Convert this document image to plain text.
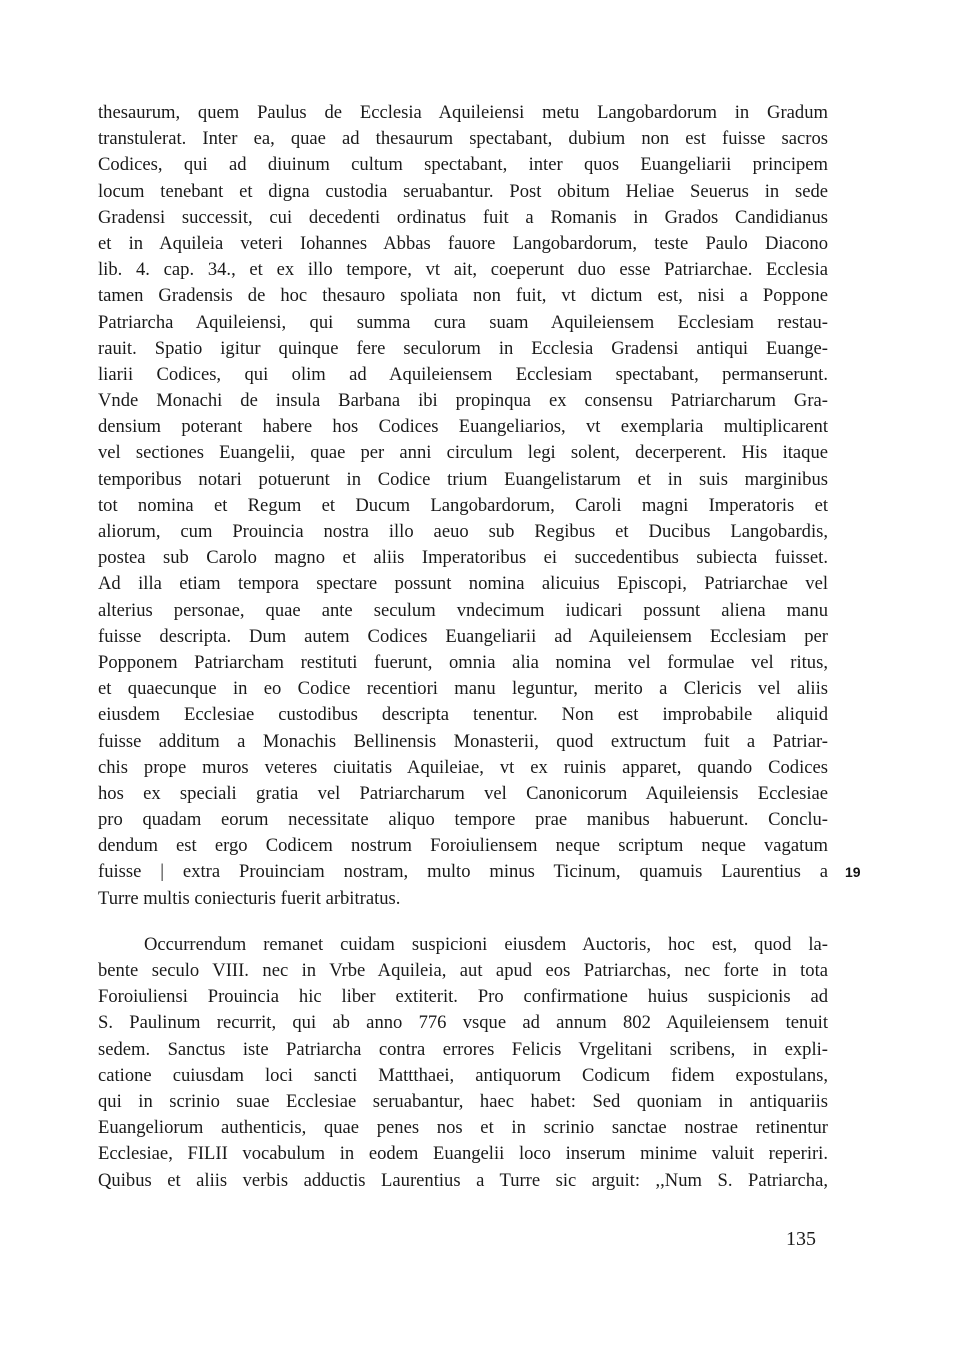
thesaurum, quem Paulus de Ecclesia Aquileiensi metu Langobardorum in Gradum
transtulerat. Inter ea, quae ad thesaurum spectabant, dubium non est fuisse sacros
Codices, qui ad diuinum cultum spectabant, inter quos Euangeliarii principem
locum tenebant et digna custodia seruabantur. Post obitum Heliae Seuerus in sede
Gradensi successit, cui decedenti ordinatus fuit a Romanis in Grados Candidianus
et in Aquileia veteri Iohannes Abbas fauore Langobardorum, teste Paulo Diacono
lib. 4. cap. 34., et ex illo tempore, vt ait, coeperunt duo esse Patriarchae. Ecclesia
tamen Gradensis de hoc thesauro spoliata non fuit, vt dictum est, nisi a Poppone
Patriarcha Aquileiensi, qui summa cura suam Aquileiensem Ecclesiam restau-
rauit. Spatio igitur quinque fere seculorum in Ecclesia Gradensi antiqui Euange-
liarii Codices, qui olim ad Aquileiensem Ecclesiam spectabant, permanserunt.
Vnde Monachi de insula Barbana ibi propinqua ex consensu Patriarcharum Gra-
densium poterant habere hos Codices Euangeliarios, vt exemplaria multiplicarent
vel sectiones Euangelii, quae per anni circulum legi solent, decerperent. His itaque
temporibus notari potuerunt in Codice trium Euangelistarum et in suis marginibus
tot nomina et Regum et Ducum Langobardorum, Caroli magni Imperatoris et
aliorum, cum Prouincia nostra illo aeuo sub Regibus et Ducibus Langobardis,
postea sub Carolo magno et aliis Imperatoribus ei succedentibus subiecta fuisset.
Ad illa etiam tempora spectare possunt nomina alicuius Episcopi, Patriarchae vel
alterius personae, quae ante seculum vndecimum iudicari possunt aliena manu
fuisse descripta. Dum autem Codices Euangeliarii ad Aquileiensem Ecclesiam per
Popponem Patriarcham restituti fuerunt, omnia alia nomina vel formulae vel ritus,
et quaecunque in eo Codice recentiori manu leguntur, merito a Clericis vel aliis
eiusdem Ecclesiae custodibus descripta tenentur. Non est improbabile aliquid
fuisse additum a Monachis Bellinensis Monasterii, quod extructum fuit a Patriar-
chis prope muros veteres ciuitatis Aquileiae, vt ex ruinis apparet, quando Codices
hos ex speciali gratia vel Patriarcharum vel Canonicorum Aquileiensis Ecclesiae
pro quadam eorum necessitate aliquo tempore prae manibus habuerunt. Conclu-
dendum est ergo Codicem nostrum Foroiuliensem neque scriptum neque vagatum
fuisse | extra Prouinciam nostram, multo minus Ticinum, quamuis Laurentius a
Turre multis coniecturis fuerit arbitratus.
Occurrendum remanet cuidam suspicioni eiusdem Auctoris, hoc est, quod la-
bente seculo VIII. nec in Vrbe Aquileia, aut apud eos Patriarchas, nec forte in tota
Foroiuliensi Prouincia hic liber extiterit. Pro confirmatione huius suspicionis ad
S. Paulinum recurrit, qui ab anno 776 vsque ad annum 802 Aquileiensem tenuit
sedem. Sanctus iste Patriarcha contra errores Felicis Vrgelitani scribens, in expli-
catione cuiusdam loci sancti Mattthaei, antiquorum Codicum fidem expostulans,
qui in scrinio suae Ecclesiae seruabantur, haec habet: Sed quoniam in antiquariis
Euangeliorum authenticis, quae penes nos et in scrinio sanctae nostrae retinentur
Ecclesiae, FILII vocabulum in eodem Euangelii loco inserum minime valuit reperiri.
Quibus et aliis verbis adductis Laurentius a Turre sic arguit: ,,Num S. Patriarcha,
19
135
